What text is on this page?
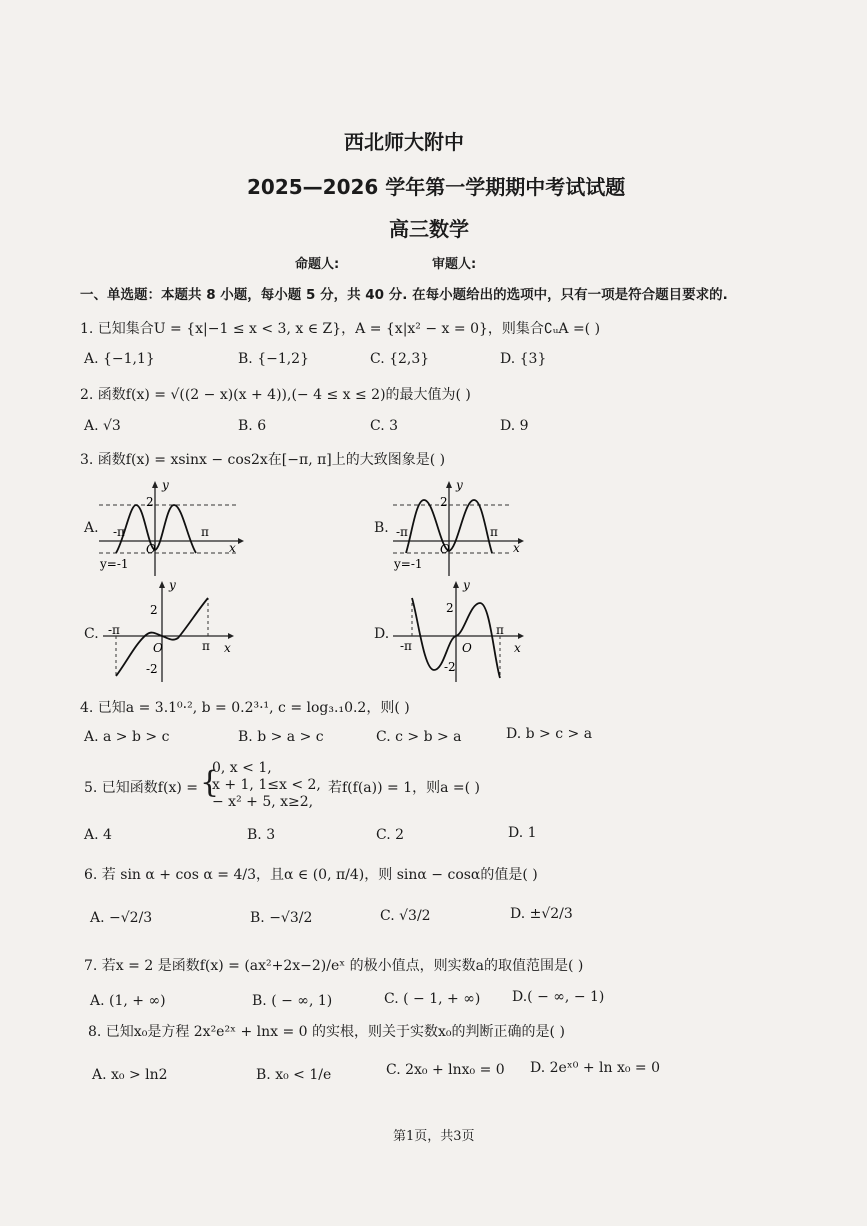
西北师大附中
2025—2026 学年第一学期期中考试试题
高三数学
命题人:	审题人:
一、单选题：本题共 8 小题，每小题 5 分，共 40 分. 在每小题给出的选项中，只有一项是符合题目要求的.
1. 已知集合U = {x|−1 ≤ x < 3, x ∈ Z}，A = {x|x² − x = 0}，则集合∁ᵤA =( )
A. {−1,1}	B. {−1,2}	C. {2,3}	D. {3}
2. 函数f(x) = √((2 − x)(x + 4)),(− 4 ≤ x ≤ 2)的最大值为( )
A. √3	B. 6	C. 3	D. 9
3. 函数f(x) = xsinx − cos2x在[−π, π]上的大致图象是( )
A.
y
x
2
O
-π	π
y=-1
B.
y
x
2
O
-π	π
y=-1
C.
y
x
2
O
-2
-π
π
D.
y
x
2
O
-2
-π
π
4. 已知a = 3.1⁰·², b = 0.2³·¹, c = log₃.₁0.2，则( )
A. a > b > c	B. b > a > c	C. c > b > a	D. b > c > a
5. 已知函数f(x) = {
0, x < 1,
x + 1, 1≤x < 2,
− x² + 5, x≥2,
若f(f(a)) = 1，则a =( )
A. 4	B. 3	C. 2	D. 1
6. 若 sin α + cos α = 4/3，且α ∈ (0, π/4)，则 sinα − cosα的值是( )
A. −√2/3	B. −√3/2	C. √3/2	D. ±√2/3
7. 若x = 2 是函数f(x) = (ax²+2x−2)/eˣ 的极小值点，则实数a的取值范围是( )
A. (1, + ∞)	B. ( − ∞, 1)	C. ( − 1, + ∞) D.( − ∞, − 1)
8. 已知x₀是方程 2x²e²ˣ + lnx = 0 的实根，则关于实数x₀的判断正确的是( )
A. x₀ > ln2	B. x₀ < 1/e	C. 2x₀ + lnx₀ = 0 D. 2eˣ⁰ + ln x₀ = 0
第1页，共3页
